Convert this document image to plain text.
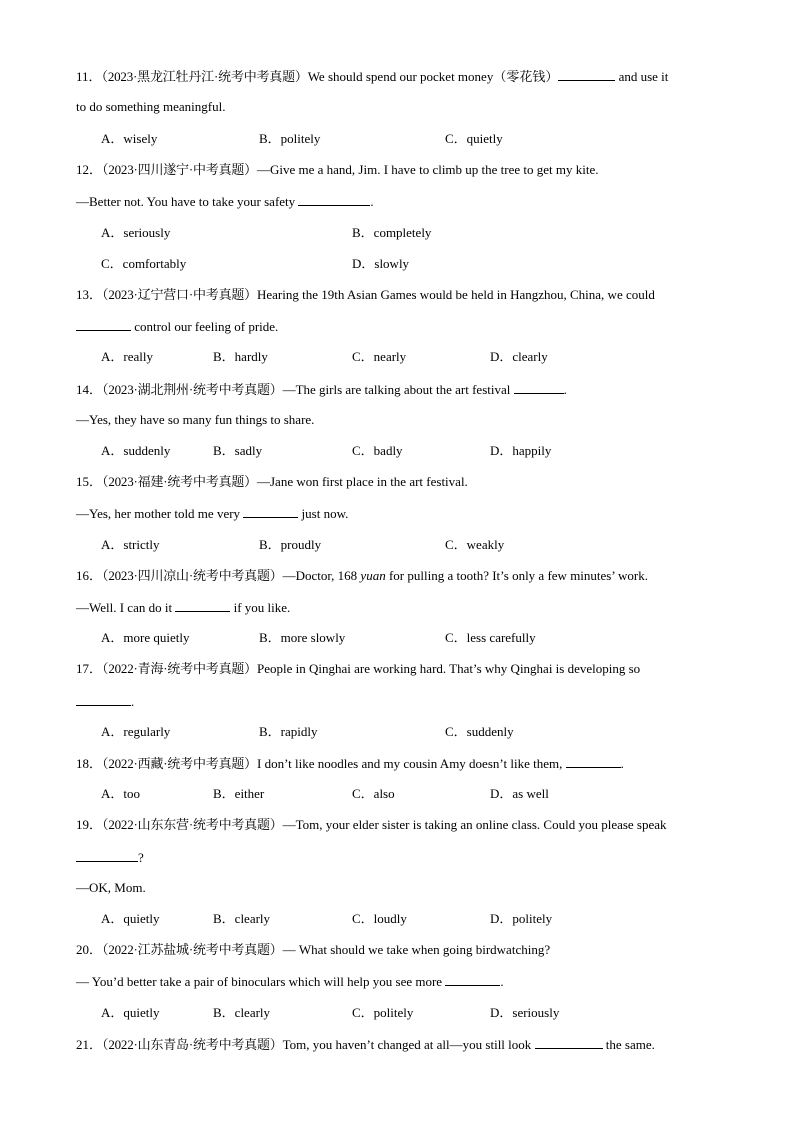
11．（2023·黑龙江牡丹江·统考中考真题）We should spend our pocket money（零花钱）	and use it
to do something meaningful.
A．wisely	B．polite‌ly	C．quietly
12．（2023·四川遂宁·中考真题）—Give me a hand, Jim. I have to climb up the tree to get my kite.
—Better not. You have to take your safety	.
A．seriously	B．completely
C．comfortably	D．slowly
13．（2023·辽宁营口·中考真题）Hearing the 19th Asian Games would be held in Hangzhou, China, we could
control our feeling of pride.
A．really	B．hardly	C．nearly	D．clearly
14．（2023·湖北荆州·统考中考真题）—The girls are talking about the art festival	.
—Yes, they have so many fun things to share.
A．suddenly	B．sadly	C．badly	D．happily
15．（2023·福建·统考中考真题）—Jane won first place in the art festival.
—Yes, her mother told me very	just now.
A．strictly	B．proudly	C．weakly
16．（2023·四川凉山·统考中考真题）—Doctor, 168 yuan for pulling a tooth? It’s only a few minutes’ work.
—Well. I can do it	if you like.
A．more quietly	B．more slowly	C．less carefully
17．（2022·青海·统考中考真题）People in Qinghai are working hard. That’s why Qinghai is developing so
.
A．regularly	B．rapidly	C．suddenly
18．（2022·西藏·统考中考真题）I don’t like noodles and my cousin Amy doesn’t like them,	.
A．too	B．either	C．also	D．as well
19．（2022·山东东营·统考中考真题）—Tom, your elder sister is taking an online class. Could you please speak
?
—OK, Mom.
A．quietly	B．clearly	C．loudly	D．politely
20．（2022·江苏盐城·统考中考真题）— What should we take when going birdwatching?
— You’d better take a pair of binoculars which will help you see more	.
A．quietly	B．clearly	C．politely	D．seriously
21．（2022·山东青岛·统考中考真题）Tom, you haven’t changed at all—you still look	the same.
